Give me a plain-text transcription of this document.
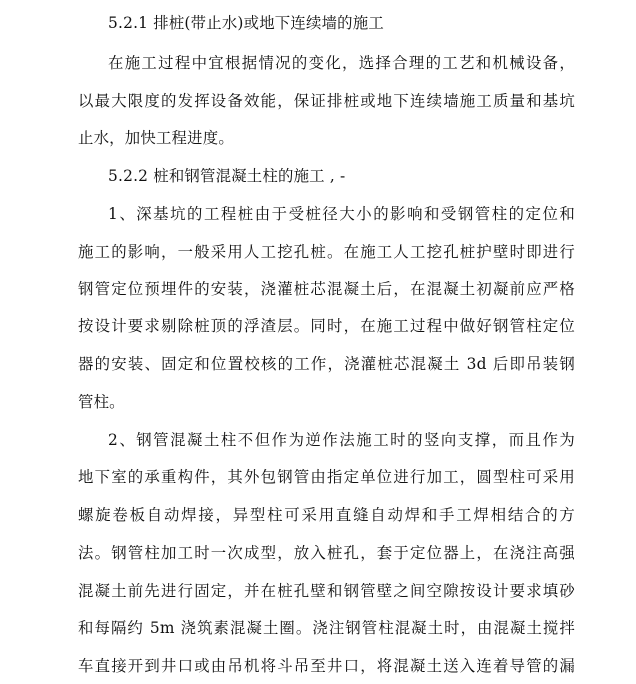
5.2.1 排桩(带止水)或地下连续墙的施工
在施工过程中宜根据情况的变化，选择合理的工艺和机械设备，
以最大限度的发挥设备效能，保证排桩或地下连续墙施工质量和基坑
止水，加快工程进度。
5.2.2 桩和钢管混凝土柱的施工 , -
1、深基坑的工程桩由于受桩径大小的影响和受钢管柱的定位和
施工的影响，一般采用人工挖孔桩。在施工人工挖孔桩护壁时即进行
钢管定位预埋件的安装，浇灌桩芯混凝土后，在混凝土初凝前应严格
按设计要求剔除桩顶的浮渣层。同时，在施工过程中做好钢管柱定位
器的安装、固定和位置校核的工作，浇灌桩芯混凝土 3d 后即吊装钢
管柱。
2、钢管混凝土柱不但作为逆作法施工时的竖向支撑，而且作为
地下室的承重构件，其外包钢管由指定单位进行加工，圆型柱可采用
螺旋卷板自动焊接，异型柱可采用直缝自动焊和手工焊相结合的方
法。钢管柱加工时一次成型，放入桩孔，套于定位器上，在浇注高强
混凝土前先进行固定，并在桩孔壁和钢管壁之间空隙按设计要求填砂
和每隔约 5m 浇筑素混凝土圈。浇注钢管柱混凝土时，由混凝土搅拌
车直接开到井口或由吊机将斗吊至井口，将混凝土送入连着导管的漏
